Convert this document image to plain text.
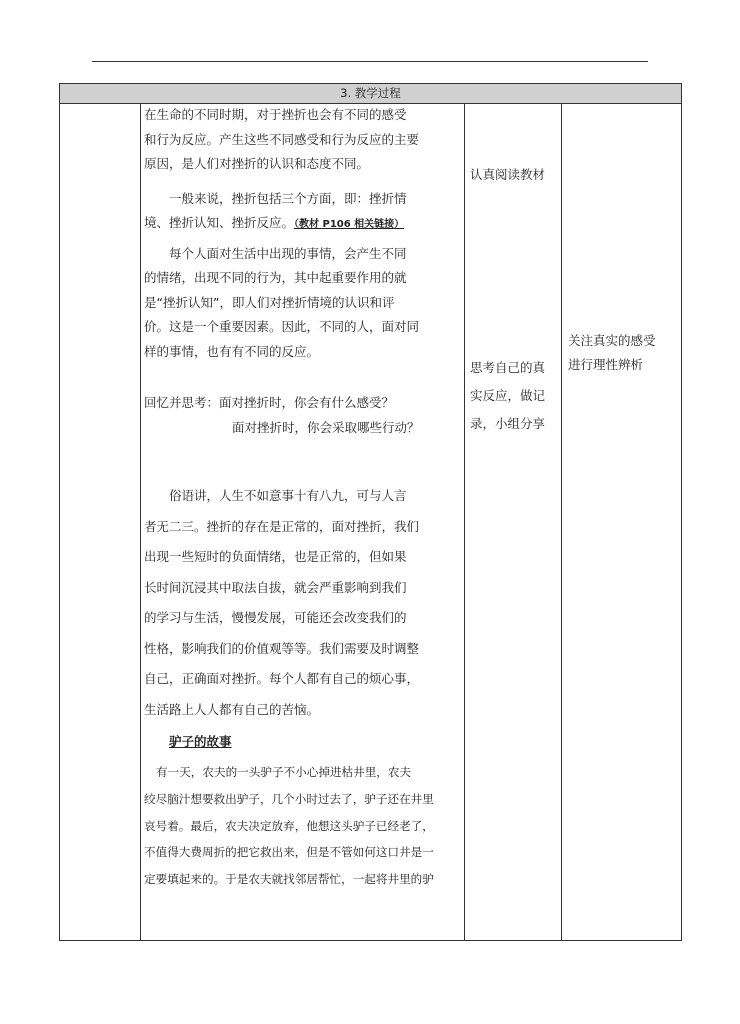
3. 教学过程

在生命的不同时期，对于挫折也会有不同的感受

和行为反应。产生这些不同感受和行为反应的主要

原因，是人们对挫折的认识和态度不同。

一般来说，挫折包括三个方面，即：挫折情

境、挫折认知、挫折反应。（教材 P106 相关链接）

每个人面对生活中出现的事情，会产生不同

的情绪，出现不同的行为，其中起重要作用的就

是“挫折认知”，即人们对挫折情境的认识和评

价。这是一个重要因素。因此，不同的人，面对同

样的事情，也有有不同的反应。

回忆并思考：面对挫折时，你会有什么感受？

面对挫折时，你会采取哪些行动？

俗语讲，人生不如意事十有八九，可与人言

者无二三。挫折的存在是正常的，面对挫折，我们

出现一些短时的负面情绪，也是正常的，但如果

长时间沉浸其中取法自拔，就会严重影响到我们

的学习与生活，慢慢发展，可能还会改变我们的

性格，影响我们的价值观等等。我们需要及时调整

自己，正确面对挫折。每个人都有自己的烦心事，

生活路上人人都有自己的苦恼。

驴子的故事

有一天，农夫的一头驴子不小心掉进枯井里，农夫

绞尽脑汁想要救出驴子，几个小时过去了，驴子还在井里

哀号着。最后，农夫决定放弃，他想这头驴子已经老了，

不值得大费周折的把它救出来，但是不管如何这口井是一

定要填起来的。于是农夫就找邻居帮忙，一起将井里的驴

认真阅读教材
思考自己的真
实反应，做记
录，小组分享
关注真实的感受
进行理性辨析
